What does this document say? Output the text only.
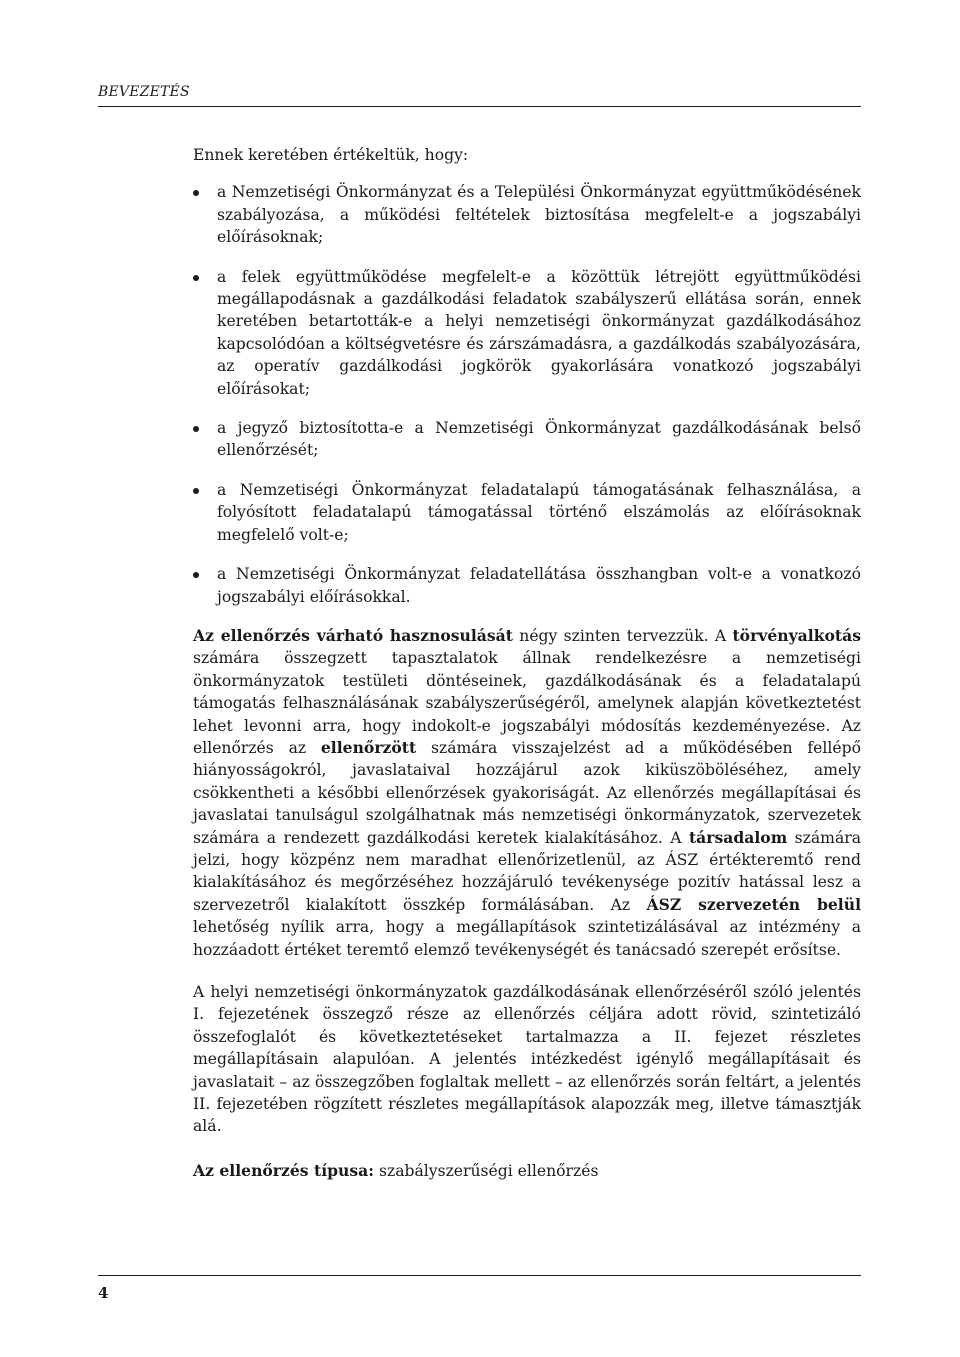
BEVEZETÉS

Ennek keretében értékeltük, hogy:

a Nemzetiségi Önkormányzat és a Települési Önkormányzat együttműködésének szabályozása, a működési feltételek biztosítása megfelelt-e a jogszabályi előírásoknak;
a felek együttműködése megfelelt-e a közöttük létrejött együttműködési megállapodásnak a gazdálkodási feladatok szabályszerű ellátása során, ennek keretében betartották-e a helyi nemzetiségi önkormányzat gazdálkodásához kapcsolódóan a költségvetésre és zárszámadásra, a gazdálkodás szabályozására, az operatív gazdálkodási jogkörök gyakorlására vonatkozó jogszabályi előírásokat;
a jegyző biztosította-e a Nemzetiségi Önkormányzat gazdálkodásának belső ellenőrzését;
a Nemzetiségi Önkormányzat feladatalapú támogatásának felhasználása, a folyósított feladatalapú támogatással történő elszámolás az előírásoknak megfelelő volt-e;
a Nemzetiségi Önkormányzat feladatellátása összhangban volt-e a vonatkozó jogszabályi előírásokkal.

Az ellenőrzés várható hasznosulását négy szinten tervezzük. A törvényalkotás számára összegzett tapasztalatok állnak rendelkezésre a nemzetiségi önkormányzatok testületi döntéseinek, gazdálkodásának és a feladatalapú támogatás felhasználásának szabályszerűségéről, amelynek alapján következtetést lehet levonni arra, hogy indokolt-e jogszabályi módosítás kezdeményezése. Az ellenőrzés az ellenőrzött számára visszajelzést ad a működésében fellépő hiányosságokról, javaslataival hozzájárul azok kiküszöböléséhez, amely csökkentheti a későbbi ellenőrzések gyakoriságát. Az ellenőrzés megállapításai és javaslatai tanulságul szolgálhatnak más nemzetiségi önkormányzatok, szervezetek számára a rendezett gazdálkodási keretek kialakításához. A társadalom számára jelzi, hogy közpénz nem maradhat ellenőrizetlenül, az ÁSZ értékteremtő rend kialakításához és megőrzéséhez hozzájáruló tevékenysége pozitív hatással lesz a szervezetről kialakított összkép formálásában. Az ÁSZ szervezetén belül lehetőség nyílik arra, hogy a megállapítások szintetizálásával az intézmény a hozzáadott értéket teremtő elemző tevékenységét és tanácsadó szerepét erősítse.

A helyi nemzetiségi önkormányzatok gazdálkodásának ellenőrzéséről szóló jelentés I. fejezetének összegző része az ellenőrzés céljára adott rövid, szintetizáló összefoglalót és következtetéseket tartalmazza a II. fejezet részletes megállapításain alapulóan. A jelentés intézkedést igénylő megállapításait és javaslatait – az összegzőben foglaltak mellett – az ellenőrzés során feltárt, a jelentés II. fejezetében rögzített részletes megállapítások alapozzák meg, illetve támasztják alá.

Az ellenőrzés típusa: szabályszerűségi ellenőrzés

4
